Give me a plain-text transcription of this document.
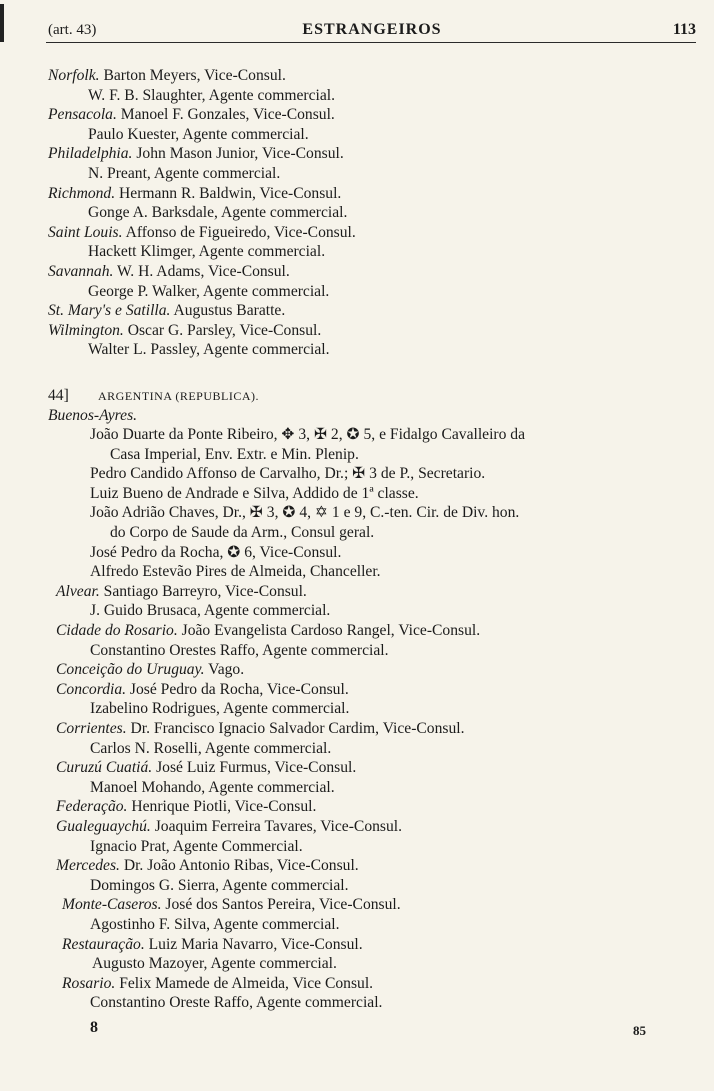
(art. 43)	ESTRANGEIROS	113
Norfolk. Barton Meyers, Vice-Consul.
W. F. B. Slaughter, Agente commercial.
Pensacola. Manoel F. Gonzales, Vice-Consul.
Paulo Kuester, Agente commercial.
Philadelphia. John Mason Junior, Vice-Consul.
N. Preant, Agente commercial.
Richmond. Hermann R. Baldwin, Vice-Consul.
Gonge A. Barksdale, Agente commercial.
Saint Louis. Affonso de Figueiredo, Vice-Consul.
Hackett Klimger, Agente commercial.
Savannah. W. H. Adams, Vice-Consul.
George P. Walker, Agente commercial.
St. Mary's e Satilla. Augustus Baratte.
Wilmington. Oscar G. Parsley, Vice-Consul.
Walter L. Passley, Agente commercial.
44] ARGENTINA (REPUBLICA).
Buenos-Ayres.
João Duarte da Ponte Ribeiro, ✥ 3, ✠ 2, ✪ 5, e Fidalgo Cavalleiro da
Casa Imperial, Env. Extr. e Min. Plenip.
Pedro Candido Affonso de Carvalho, Dr.; ✠ 3 de P., Secretario.
Luiz Bueno de Andrade e Silva, Addido de 1ª classe.
João Adrião Chaves, Dr., ✠ 3, ✪ 4, ✡ 1 e 9, C.-ten. Cir. de Div. hon.
do Corpo de Saude da Arm., Consul geral.
José Pedro da Rocha, ✪ 6, Vice-Consul.
Alfredo Estevão Pires de Almeida, Chanceller.
Alvear. Santiago Barreyro, Vice-Consul.
J. Guido Brusaca, Agente commercial.
Cidade do Rosario. João Evangelista Cardoso Rangel, Vice-Consul.
Constantino Orestes Raffo, Agente commercial.
Conceição do Uruguay. Vago.
Concordia. José Pedro da Rocha, Vice-Consul.
Izabelino Rodrigues, Agente commercial.
Corrientes. Dr. Francisco Ignacio Salvador Cardim, Vice-Consul.
Carlos N. Roselli, Agente commercial.
Curuzú Cuatiá. José Luiz Furmus, Vice-Consul.
Manoel Mohando, Agente commercial.
Federação. Henrique Piotli, Vice-Consul.
Gualeguaychú. Joaquim Ferreira Tavares, Vice-Consul.
Ignacio Prat, Agente Commercial.
Mercedes. Dr. João Antonio Ribas, Vice-Consul.
Domingos G. Sierra, Agente commercial.
Monte-Caseros. José dos Santos Pereira, Vice-Consul.
Agostinho F. Silva, Agente commercial.
Restauração. Luiz Maria Navarro, Vice-Consul.
Augusto Mazoyer, Agente commercial.
Rosario. Felix Mamede de Almeida, Vice Consul.
Constantino Oreste Raffo, Agente commercial.
8	85
